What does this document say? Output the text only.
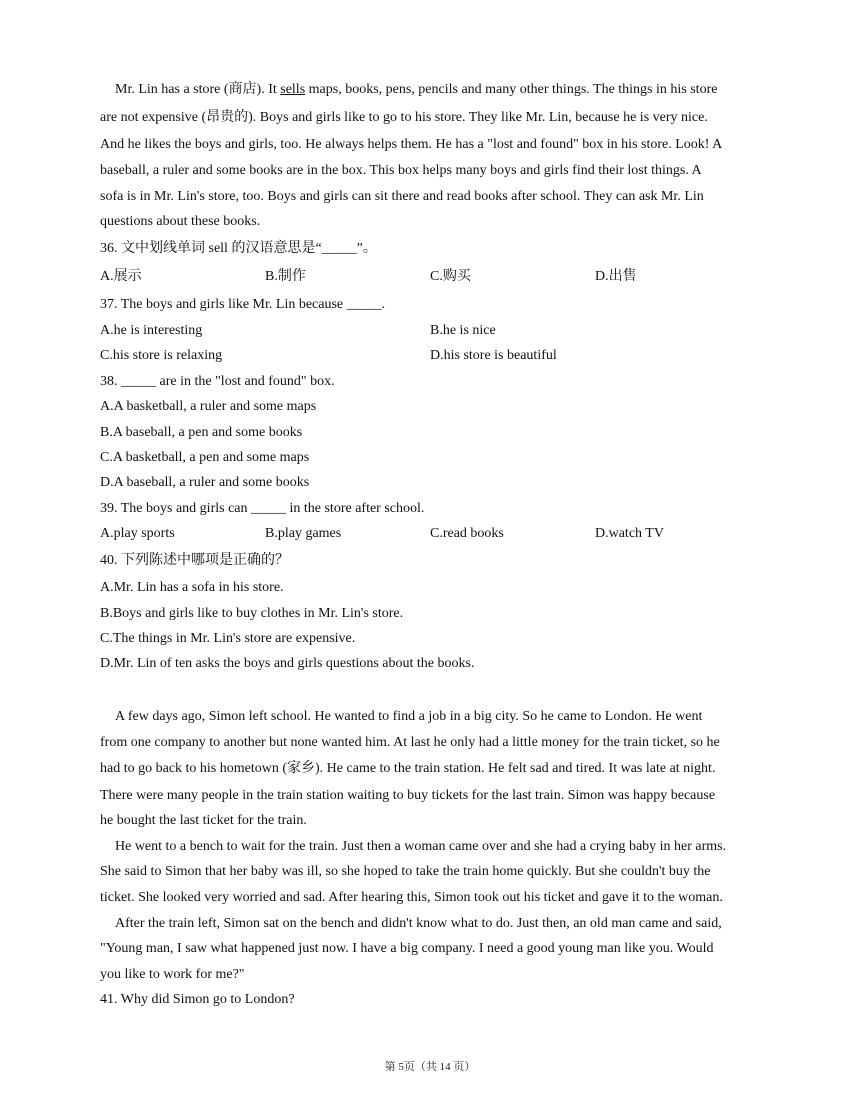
Mr. Lin has a store (商店). It sells maps, books, pens, pencils and many other things. The things in his store
are not expensive (昂贵的). Boys and girls like to go to his store. They like Mr. Lin, because he is very nice.
And he likes the boys and girls, too. He always helps them. He has a "lost and found" box in his store. Look! A
baseball, a ruler and some books are in the box. This box helps many boys and girls find their lost things. A
sofa is in Mr. Lin's store, too. Boys and girls can sit there and read books after school. They can ask Mr. Lin
questions about these books.
36. 文中划线单词 sell 的汉语意思是“_____”。
A.展示	B.制作	C.购买	D.出售
37. The boys and girls like Mr. Lin because _____.
A.he is interesting	B.he is nice
C.his store is relaxing	D.his store is beautiful
38. _____ are in the "lost and found" box.
A.A basketball, a ruler and some maps
B.A baseball, a pen and some books
C.A basketball, a pen and some maps
D.A baseball, a ruler and some books
39. The boys and girls can _____ in the store after school.
A.play sports	B.play games	C.read books	D.watch TV
40. 下列陈述中哪项是正确的？
A.Mr. Lin has a sofa in his store.
B.Boys and girls like to buy clothes in Mr. Lin's store.
C.The things in Mr. Lin's store are expensive.
D.Mr. Lin of ten asks the boys and girls questions about the books.
A few days ago, Simon left school. He wanted to find a job in a big city. So he came to London. He went
from one company to another but none wanted him. At last he only had a little money for the train ticket, so he
had to go back to his hometown (家乡). He came to the train station. He felt sad and tired. It was late at night.
There were many people in the train station waiting to buy tickets for the last train. Simon was happy because
he bought the last ticket for the train.
He went to a bench to wait for the train. Just then a woman came over and she had a crying baby in her arms.
She said to Simon that her baby was ill, so she hoped to take the train home quickly. But she couldn't buy the
ticket. She looked very worried and sad. After hearing this, Simon took out his ticket and gave it to the woman.
After the train left, Simon sat on the bench and didn't know what to do. Just then, an old man came and said,
"Young man, I saw what happened just now. I have a big company. I need a good young man like you. Would
you like to work for me?"
41. Why did Simon go to London?
第 5页（共 14 页）
